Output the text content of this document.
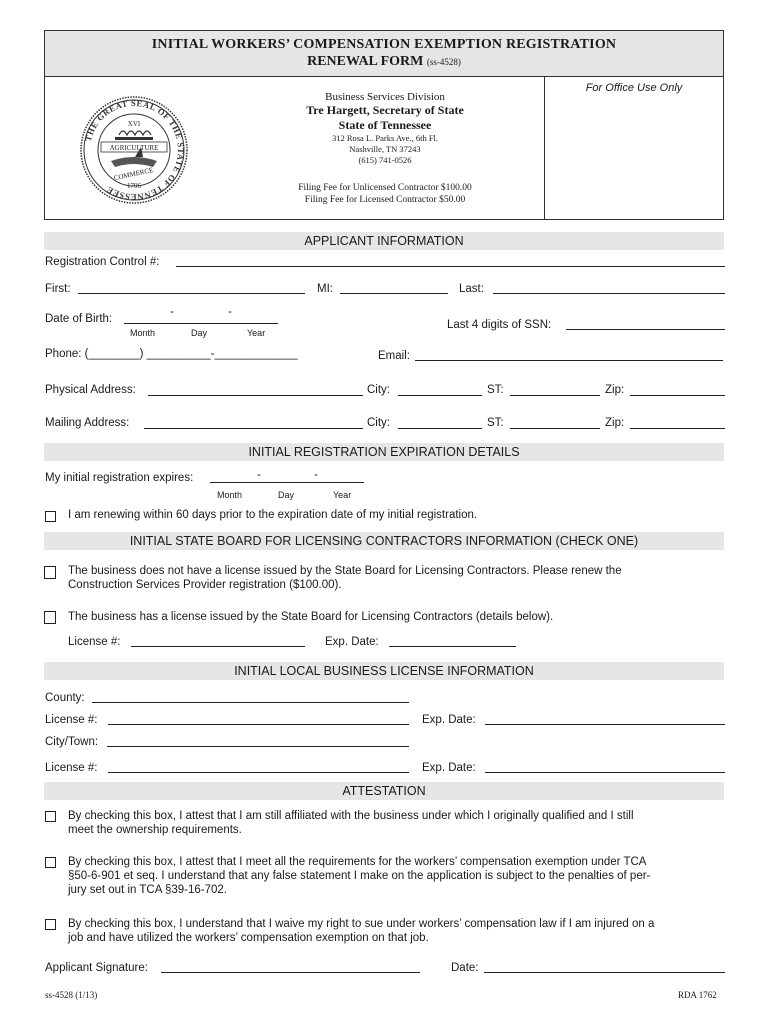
INITIAL WORKERS’ COMPENSATION EXEMPTION REGISTRATION
RENEWAL FORM (ss-4528)
For Office Use Only
THE GREAT SEAL OF THE STATE OF TENNESSEE
XVI
AGRICULTURE
COMMERCE
1796
Business Services Division
Tre Hargett, Secretary of State
State of Tennessee
312 Rosa L. Parks Ave., 6th Fl.
Nashville, TN 37243
(615) 741-0526
Filing Fee for Unlicensed Contractor $100.00
Filing Fee for Licensed Contractor $50.00
APPLICANT INFORMATION
Registration Control #:
First:	MI:	Last:
Date of Birth:
-	-
Month	Day	Year
Last 4 digits of SSN:
Phone: (________) __________-_____________	Email:
Physical Address:	City:	ST:	Zip:
Mailing Address:	City:	ST:	Zip:
INITIAL REGISTRATION EXPIRATION DETAILS
My initial registration expires:	-	-
Month	Day	Year
I am renewing within 60 days prior to the expiration date of my initial registration.
INITIAL STATE BOARD FOR LICENSING CONTRACTORS INFORMATION (CHECK ONE)
The business does not have a license issued by the State Board for Licensing Contractors. Please renew the
Construction Services Provider registration ($100.00).
The business has a license issued by the State Board for Licensing Contractors (details below).
License #:	Exp. Date:
INITIAL LOCAL BUSINESS LICENSE INFORMATION
County:
License #:	Exp. Date:
City/Town:
License #:	Exp. Date:
ATTESTATION
By checking this box, I attest that I am still affiliated with the business under which I originally qualified and I still
meet the ownership requirements.
By checking this box, I attest that I meet all the requirements for the workers’ compensation exemption under TCA
§50-6-901 et seq. I understand that any false statement I make on the application is subject to the penalties of per-
jury set out in TCA §39-16-702.
By checking this box, I understand that I waive my right to sue under workers’ compensation law if I am injured on a
job and have utilized the workers’ compensation exemption on that job.
Applicant Signature:	Date:
ss-4528 (1/13)	RDA 1762
